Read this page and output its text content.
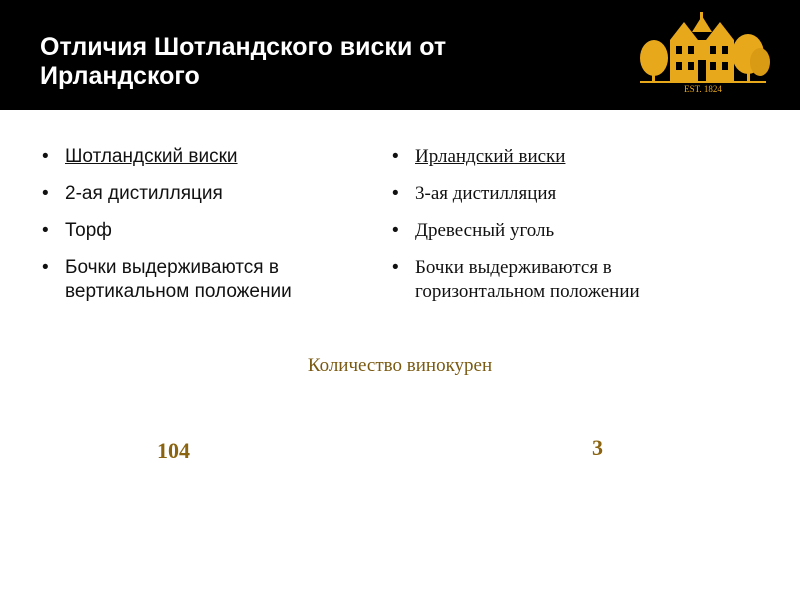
Отличия Шотландского виски от Ирландского	EST. 1824
• Шотландский виски
• 2-ая дистилляция
• Торф
• Бочки выдерживаются в вертикальном положении
• Ирландский виски
• 3-ая дистилляция
• Древесный уголь
• Бочки выдерживаются в горизонтальном положении
Количество винокурен
104	3
